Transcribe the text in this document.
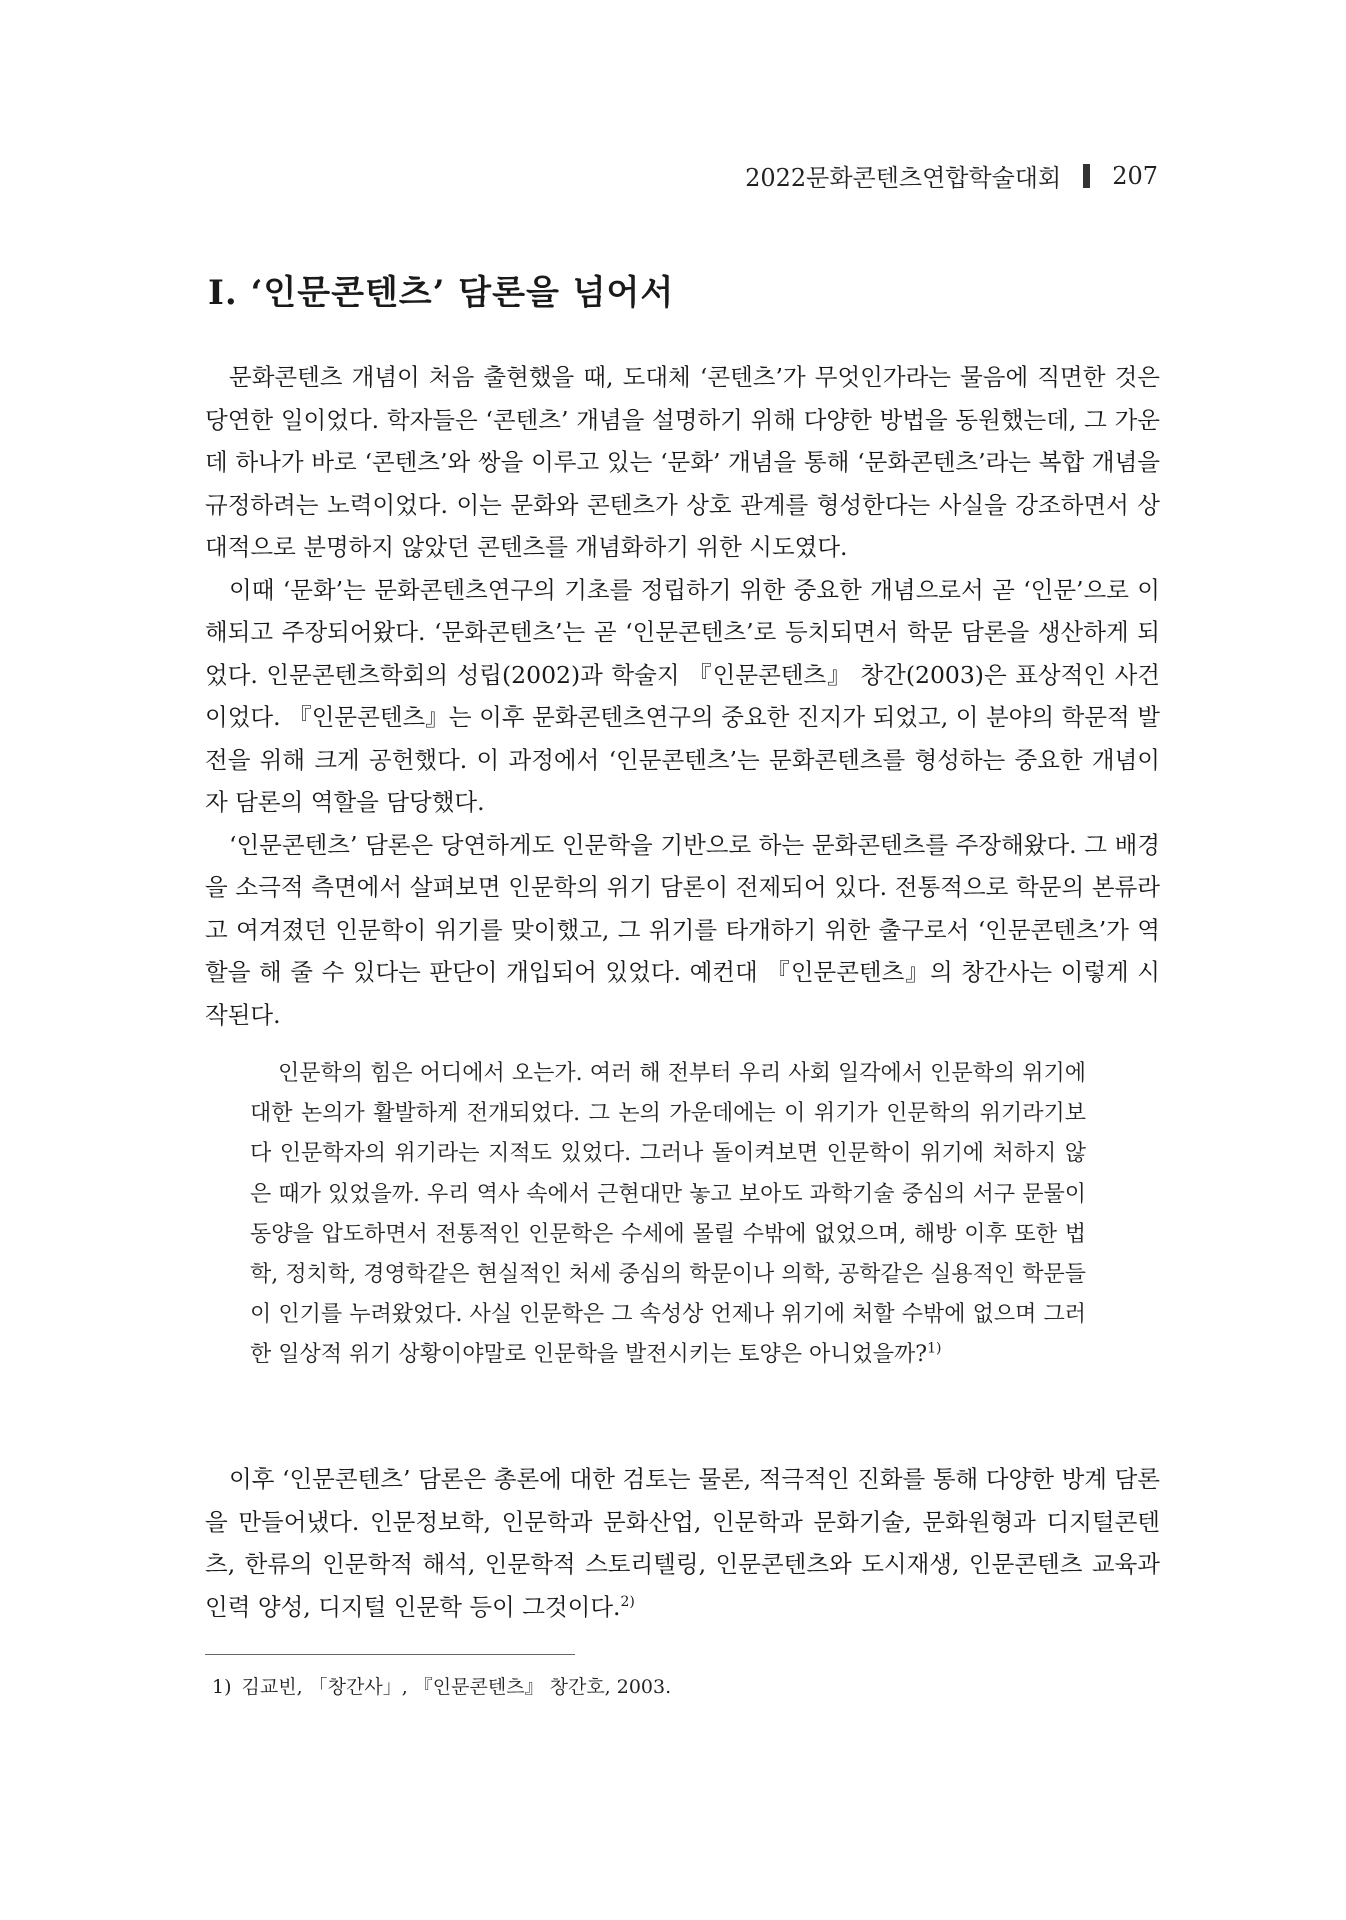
2022문화콘텐츠연합학술대회 207
Ⅰ. ‘인문콘텐츠’ 담론을 넘어서

문화콘텐츠 개념이 처음 출현했을 때, 도대체 ‘콘텐츠’가 무엇인가라는 물음에 직면한 것은 당연한 일이었다. 학자들은 ‘콘텐츠’ 개념을 설명하기 위해 다양한 방법을 동원했는데, 그 가운데 하나가 바로 ‘콘텐츠’와 쌍을 이루고 있는 ‘문화’ 개념을 통해 ‘문화콘텐츠’라는 복합 개념을 규정하려는 노력이었다. 이는 문화와 콘텐츠가 상호 관계를 형성한다는 사실을 강조하면서 상대적으로 분명하지 않았던 콘텐츠를 개념화하기 위한 시도였다.

이때 ‘문화’는 문화콘텐츠연구의 기초를 정립하기 위한 중요한 개념으로서 곧 ‘인문’으로 이해되고 주장되어왔다. ‘문화콘텐츠’는 곧 ‘인문콘텐츠’로 등치되면서 학문 담론을 생산하게 되었다. 인문콘텐츠학회의 성립(2002)과 학술지 『인문콘텐츠』 창간(2003)은 표상적인 사건이었다. 『인문콘텐츠』는 이후 문화콘텐츠연구의 중요한 진지가 되었고, 이 분야의 학문적 발전을 위해 크게 공헌했다. 이 과정에서 ‘인문콘텐츠’는 문화콘텐츠를 형성하는 중요한 개념이자 담론의 역할을 담당했다.

‘인문콘텐츠’ 담론은 당연하게도 인문학을 기반으로 하는 문화콘텐츠를 주장해왔다. 그 배경을 소극적 측면에서 살펴보면 인문학의 위기 담론이 전제되어 있다. 전통적으로 학문의 본류라고 여겨졌던 인문학이 위기를 맞이했고, 그 위기를 타개하기 위한 출구로서 ‘인문콘텐츠’가 역할을 해 줄 수 있다는 판단이 개입되어 있었다. 예컨대 『인문콘텐츠』의 창간사는 이렇게 시작된다.

인문학의 힘은 어디에서 오는가. 여러 해 전부터 우리 사회 일각에서 인문학의 위기에 대한 논의가 활발하게 전개되었다. 그 논의 가운데에는 이 위기가 인문학의 위기라기보다 인문학자의 위기라는 지적도 있었다. 그러나 돌이켜보면 인문학이 위기에 처하지 않은 때가 있었을까. 우리 역사 속에서 근현대만 놓고 보아도 과학기술 중심의 서구 문물이 동양을 압도하면서 전통적인 인문학은 수세에 몰릴 수밖에 없었으며, 해방 이후 또한 법학, 정치학, 경영학같은 현실적인 처세 중심의 학문이나 의학, 공학같은 실용적인 학문들이 인기를 누려왔었다. 사실 인문학은 그 속성상 언제나 위기에 처할 수밖에 없으며 그러한 일상적 위기 상황이야말로 인문학을 발전시키는 토양은 아니었을까?$^{1)}$

이후 ‘인문콘텐츠’ 담론은 총론에 대한 검토는 물론, 적극적인 진화를 통해 다양한 방계 담론을 만들어냈다. 인문정보학, 인문학과 문화산업, 인문학과 문화기술, 문화원형과 디지털콘텐츠, 한류의 인문학적 해석, 인문학적 스토리텔링, 인문콘텐츠와 도시재생, 인문콘텐츠 교육과 인력 양성, 디지털 인문학 등이 그것이다.$^{2)}$

1) 김교빈, 「창간사」, 『인문콘텐츠』 창간호, 2003.
